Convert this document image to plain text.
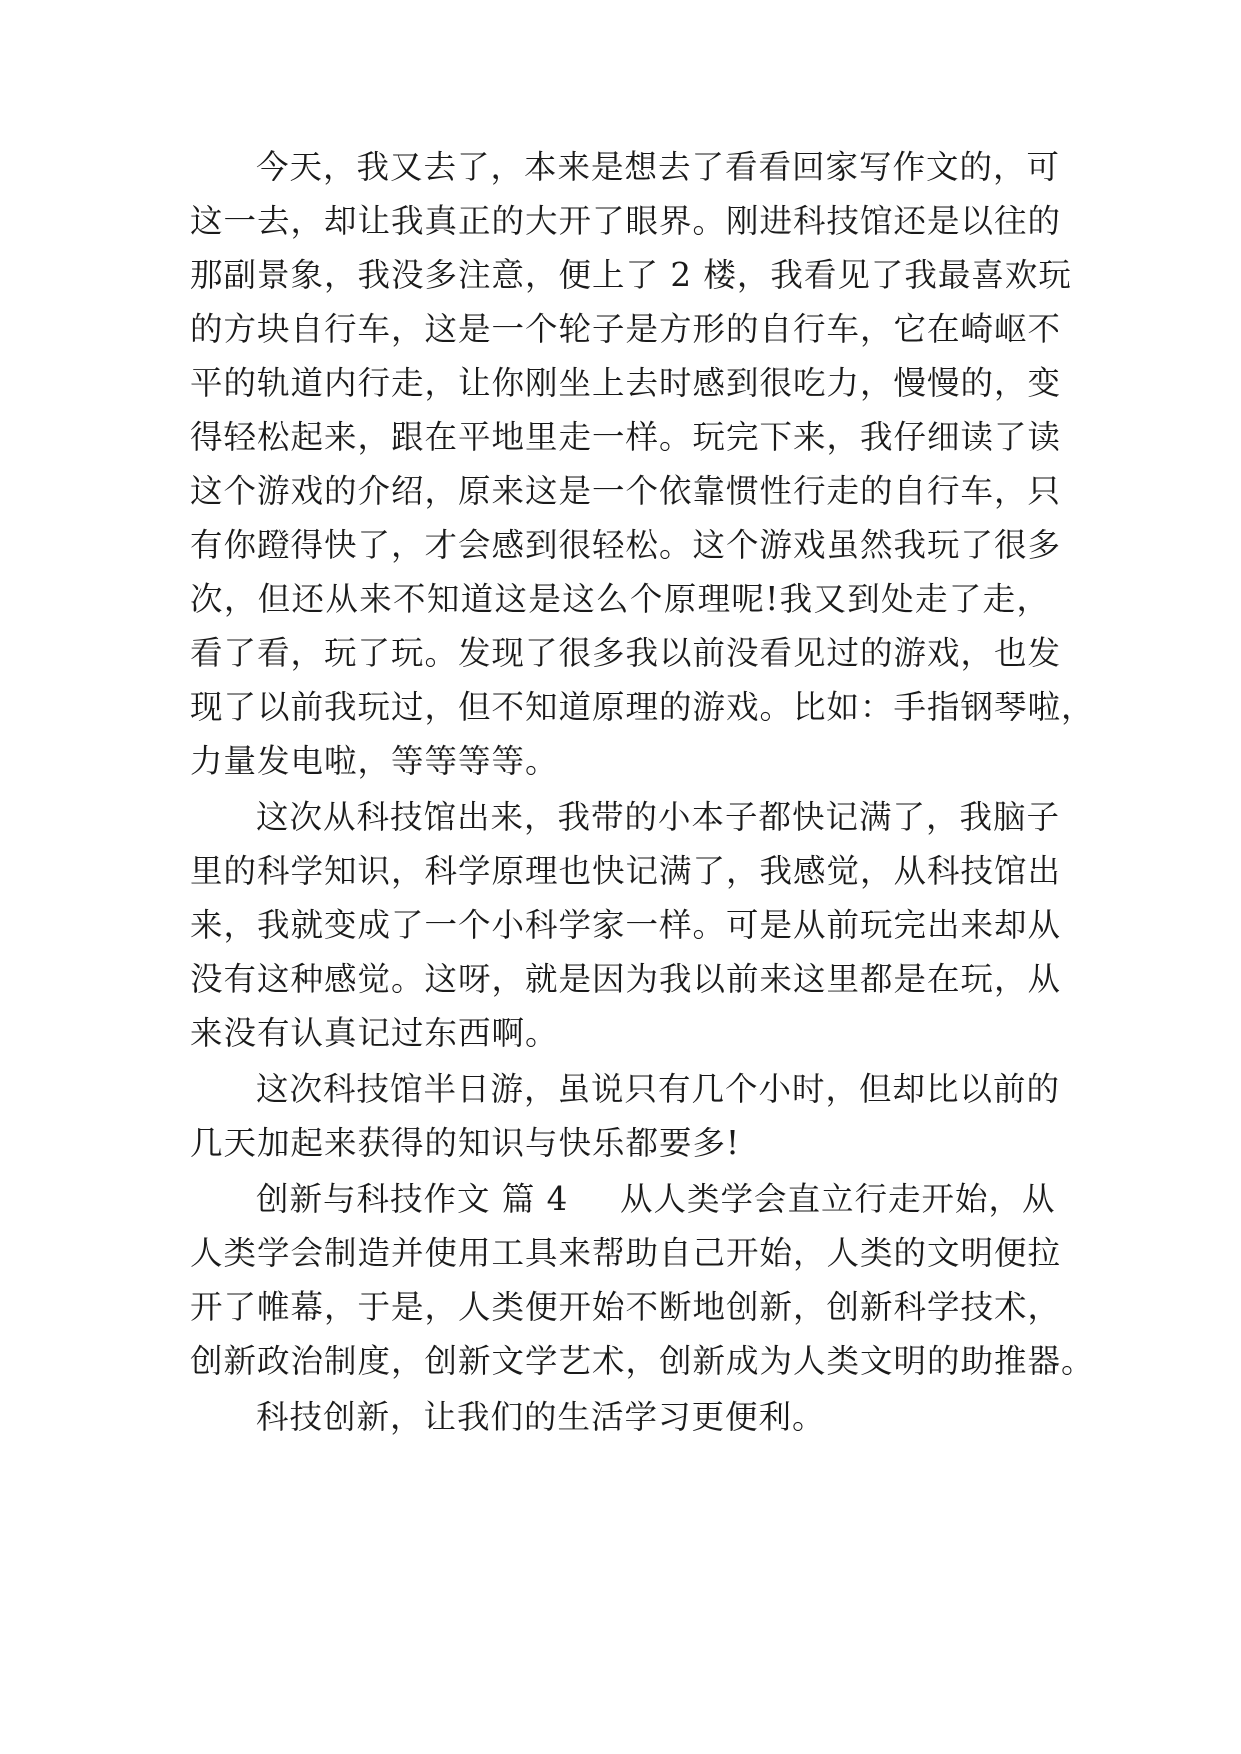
今天，我又去了，本来是想去了看看回家写作文的，可
这一去，却让我真正的大开了眼界。刚进科技馆还是以往的
那副景象，我没多注意，便上了 2 楼，我看见了我最喜欢玩
的方块自行车，这是一个轮子是方形的自行车，它在崎岖不
平的轨道内行走，让你刚坐上去时感到很吃力，慢慢的，变
得轻松起来，跟在平地里走一样。玩完下来，我仔细读了读
这个游戏的介绍，原来这是一个依靠惯性行走的自行车，只
有你蹬得快了，才会感到很轻松。这个游戏虽然我玩了很多
次，但还从来不知道这是这么个原理呢!我又到处走了走，
看了看，玩了玩。发现了很多我以前没看见过的游戏，也发
现了以前我玩过，但不知道原理的游戏。比如：手指钢琴啦，
力量发电啦，等等等等。
这次从科技馆出来，我带的小本子都快记满了，我脑子
里的科学知识，科学原理也快记满了，我感觉，从科技馆出
来，我就变成了一个小科学家一样。可是从前玩完出来却从
没有这种感觉。这呀，就是因为我以前来这里都是在玩，从
来没有认真记过东西啊。
这次科技馆半日游，虽说只有几个小时，但却比以前的
几天加起来获得的知识与快乐都要多!
创新与科技作文 篇 4 从人类学会直立行走开始，从
人类学会制造并使用工具来帮助自己开始，人类的文明便拉
开了帷幕，于是，人类便开始不断地创新，创新科学技术，
创新政治制度，创新文学艺术，创新成为人类文明的助推器。
科技创新，让我们的生活学习更便利。
